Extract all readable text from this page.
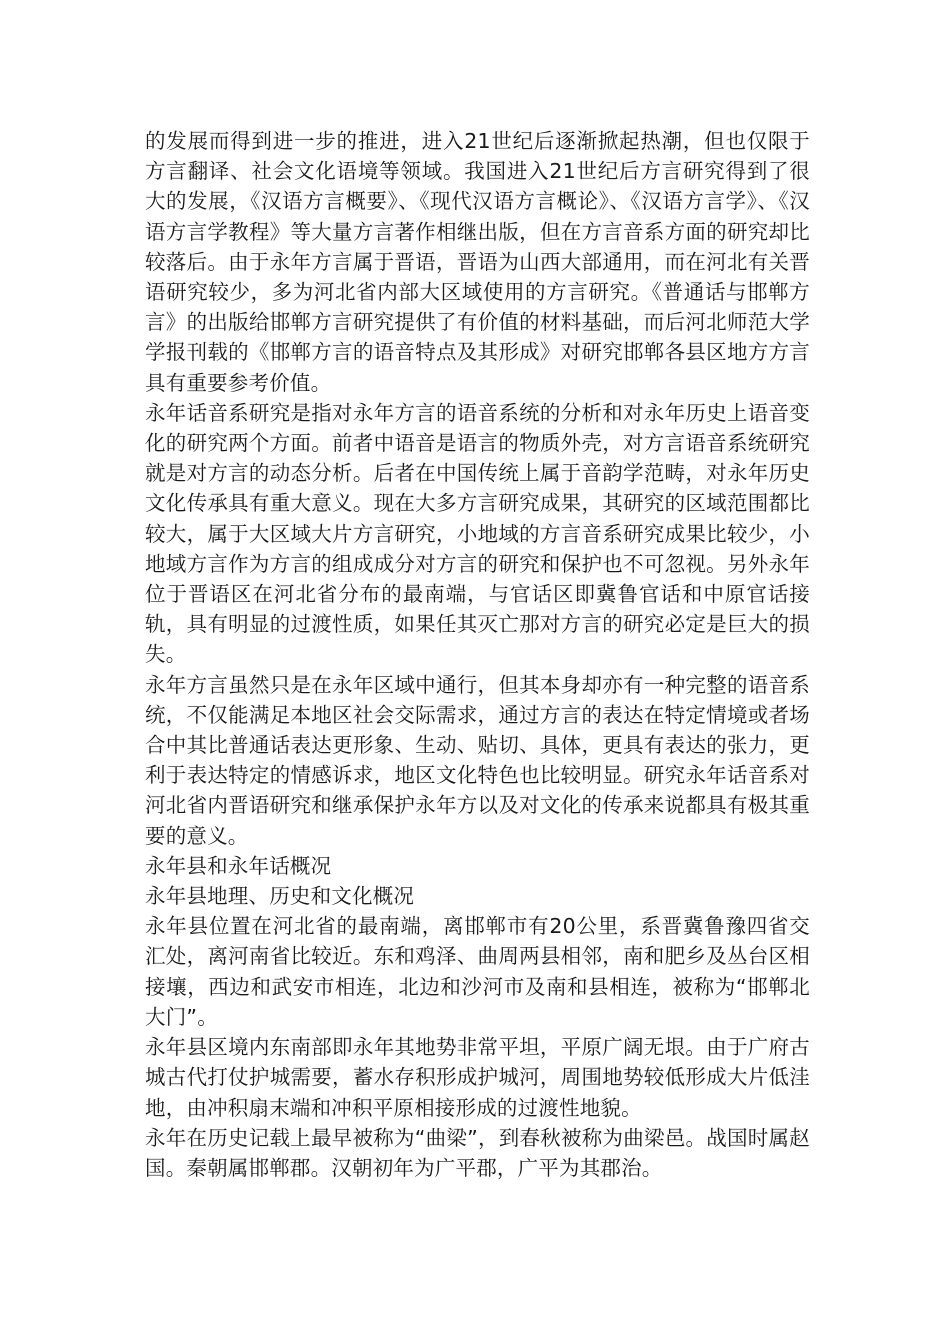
的发展而得到进一步的推进，进入21世纪后逐渐掀起热潮，但也仅限于方言翻译、社会文化语境等领域。我国进入21世纪后方言研究得到了很大的发展，《汉语方言概要》、《现代汉语方言概论》、《汉语方言学》、《汉语方言学教程》等大量方言著作相继出版，但在方言音系方面的研究却比较落后。由于永年方言属于晋语，晋语为山西大部通用，而在河北有关晋语研究较少，多为河北省内部大区域使用的方言研究。《普通话与邯郸方言》的出版给邯郸方言研究提供了有价值的材料基础，而后河北师范大学学报刊载的《邯郸方言的语音特点及其形成》对研究邯郸各县区地方方言具有重要参考价值。

永年话音系研究是指对永年方言的语音系统的分析和对永年历史上语音变化的研究两个方面。前者中语音是语言的物质外壳，对方言语音系统研究就是对方言的动态分析。后者在中国传统上属于音韵学范畴，对永年历史文化传承具有重大意义。现在大多方言研究成果，其研究的区域范围都比较大，属于大区域大片方言研究，小地域的方言音系研究成果比较少，小地域方言作为方言的组成成分对方言的研究和保护也不可忽视。另外永年位于晋语区在河北省分布的最南端，与官话区即冀鲁官话和中原官话接轨，具有明显的过渡性质，如果任其灭亡那对方言的研究必定是巨大的损失。

永年方言虽然只是在永年区域中通行，但其本身却亦有一种完整的语音系统，不仅能满足本地区社会交际需求，通过方言的表达在特定情境或者场合中其比普通话表达更形象、生动、贴切、具体，更具有表达的张力，更利于表达特定的情感诉求，地区文化特色也比较明显。研究永年话音系对河北省内晋语研究和继承保护永年方以及对文化的传承来说都具有极其重要的意义。

永年县和永年话概况
永年县地理、历史和文化概况

永年县位置在河北省的最南端，离邯郸市有20公里，系晋冀鲁豫四省交汇处，离河南省比较近。东和鸡泽、曲周两县相邻，南和肥乡及丛台区相接壤，西边和武安市相连，北边和沙河市及南和县相连，被称为“邯郸北大门”。

永年县区境内东南部即永年其地势非常平坦，平原广阔无垠。由于广府古城古代打仗护城需要，蓄水存积形成护城河，周围地势较低形成大片低洼地，由冲积扇末端和冲积平原相接形成的过渡性地貌。

永年在历史记载上最早被称为“曲梁”，到春秋被称为曲梁邑。战国时属赵国。秦朝属邯郸郡。汉朝初年为广平郡，广平为其郡治。
